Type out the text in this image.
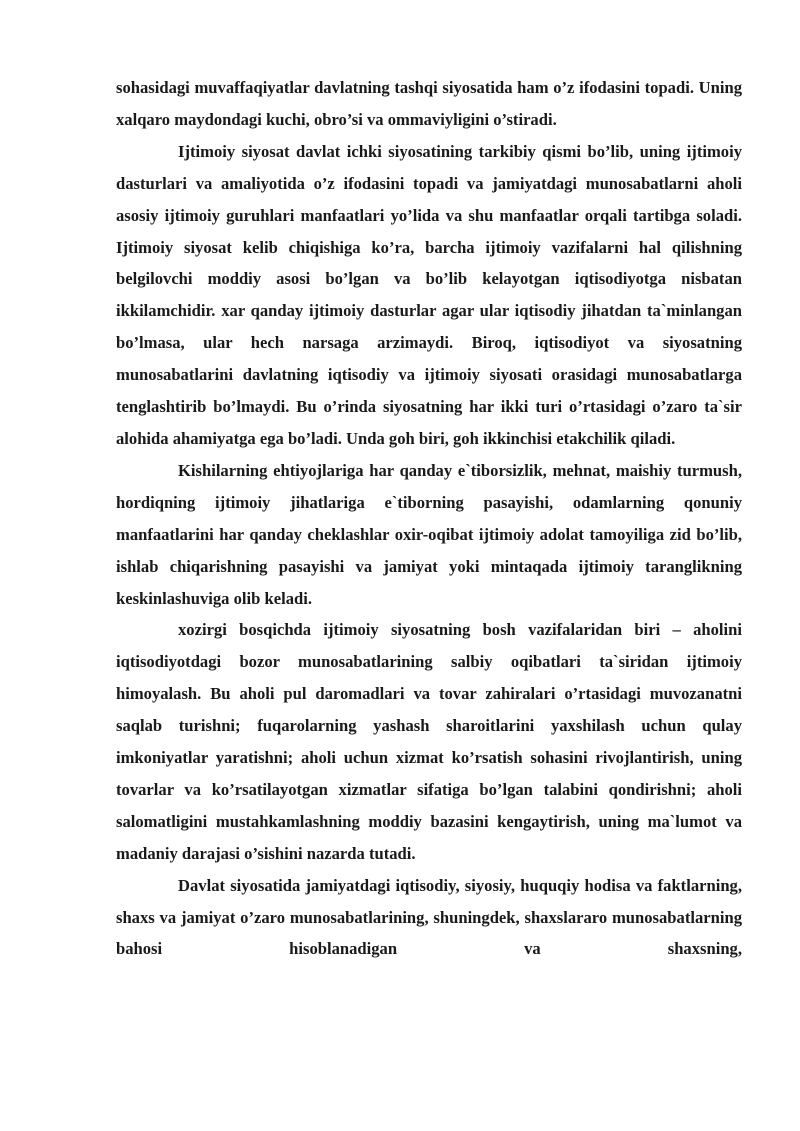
sohasidagi muvaffaqiyatlar davlatning tashqi siyosatida ham o’z ifodasini topadi. Uning xalqaro maydondagi kuchi, obro’si va ommaviyligini o’stiradi.

Ijtimoiy siyosat davlat ichki siyosatining tarkibiy qismi bo’lib, uning ijtimoiy dasturlari va amaliyotida o’z ifodasini topadi va jamiyatdagi munosabatlarni aholi asosiy ijtimoiy guruhlari manfaatlari yo’lida va shu manfaatlar orqali tartibga soladi. Ijtimoiy siyosat kelib chiqishiga ko’ra, barcha ijtimoiy vazifalarni hal qilishning belgilovchi moddiy asosi bo’lgan va bo’lib kelayotgan iqtisodiyotga nisbatan ikkilamchidir. xar qanday ijtimoiy dasturlar agar ular iqtisodiy jihatdan ta`minlangan bo’lmasa, ular hech narsaga arzimaydi. Biroq, iqtisodiyot va siyosatning munosabatlarini davlatning iqtisodiy va ijtimoiy siyosati orasidagi munosabatlarga tenglashtirib bo’lmaydi. Bu o’rinda siyosatning har ikki turi o’rtasidagi o’zaro ta`sir alohida ahamiyatga ega bo’ladi. Unda goh biri, goh ikkinchisi etakchilik qiladi.

Kishilarning ehtiyojlariga har qanday e`tiborsizlik, mehnat, maishiy turmush, hordiqning ijtimoiy jihatlariga e`tiborning pasayishi, odamlarning qonuniy manfaatlarini har qanday cheklashlar oxir-oqibat ijtimoiy adolat tamoyiliga zid bo’lib, ishlab chiqarishning pasayishi va jamiyat yoki mintaqada ijtimoiy taranglikning keskinlashuviga olib keladi.

xozirgi bosqichda ijtimoiy siyosatning bosh vazifalaridan biri – aholini iqtisodiyotdagi bozor munosabatlarining salbiy oqibatlari ta`siridan ijtimoiy himoyalash. Bu aholi pul daromadlari va tovar zahiralari o’rtasidagi muvozanatni saqlab turishni; fuqarolarning yashash sharoitlarini yaxshilash uchun qulay imkoniyatlar yaratishni; aholi uchun xizmat ko’rsatish sohasini rivojlantirish, uning tovarlar va ko’rsatilayotgan xizmatlar sifatiga bo’lgan talabini qondirishni; aholi salomatligini mustahkamlashning moddiy bazasini kengaytirish, uning ma`lumot va madaniy darajasi o’sishini nazarda tutadi.

Davlat siyosatida jamiyatdagi iqtisodiy, siyosiy, huquqiy hodisa va faktlarning, shaxs va jamiyat o’zaro munosabatlarining, shuningdek, shaxslararo munosabatlarning bahosi hisoblanadigan va shaxsning,
